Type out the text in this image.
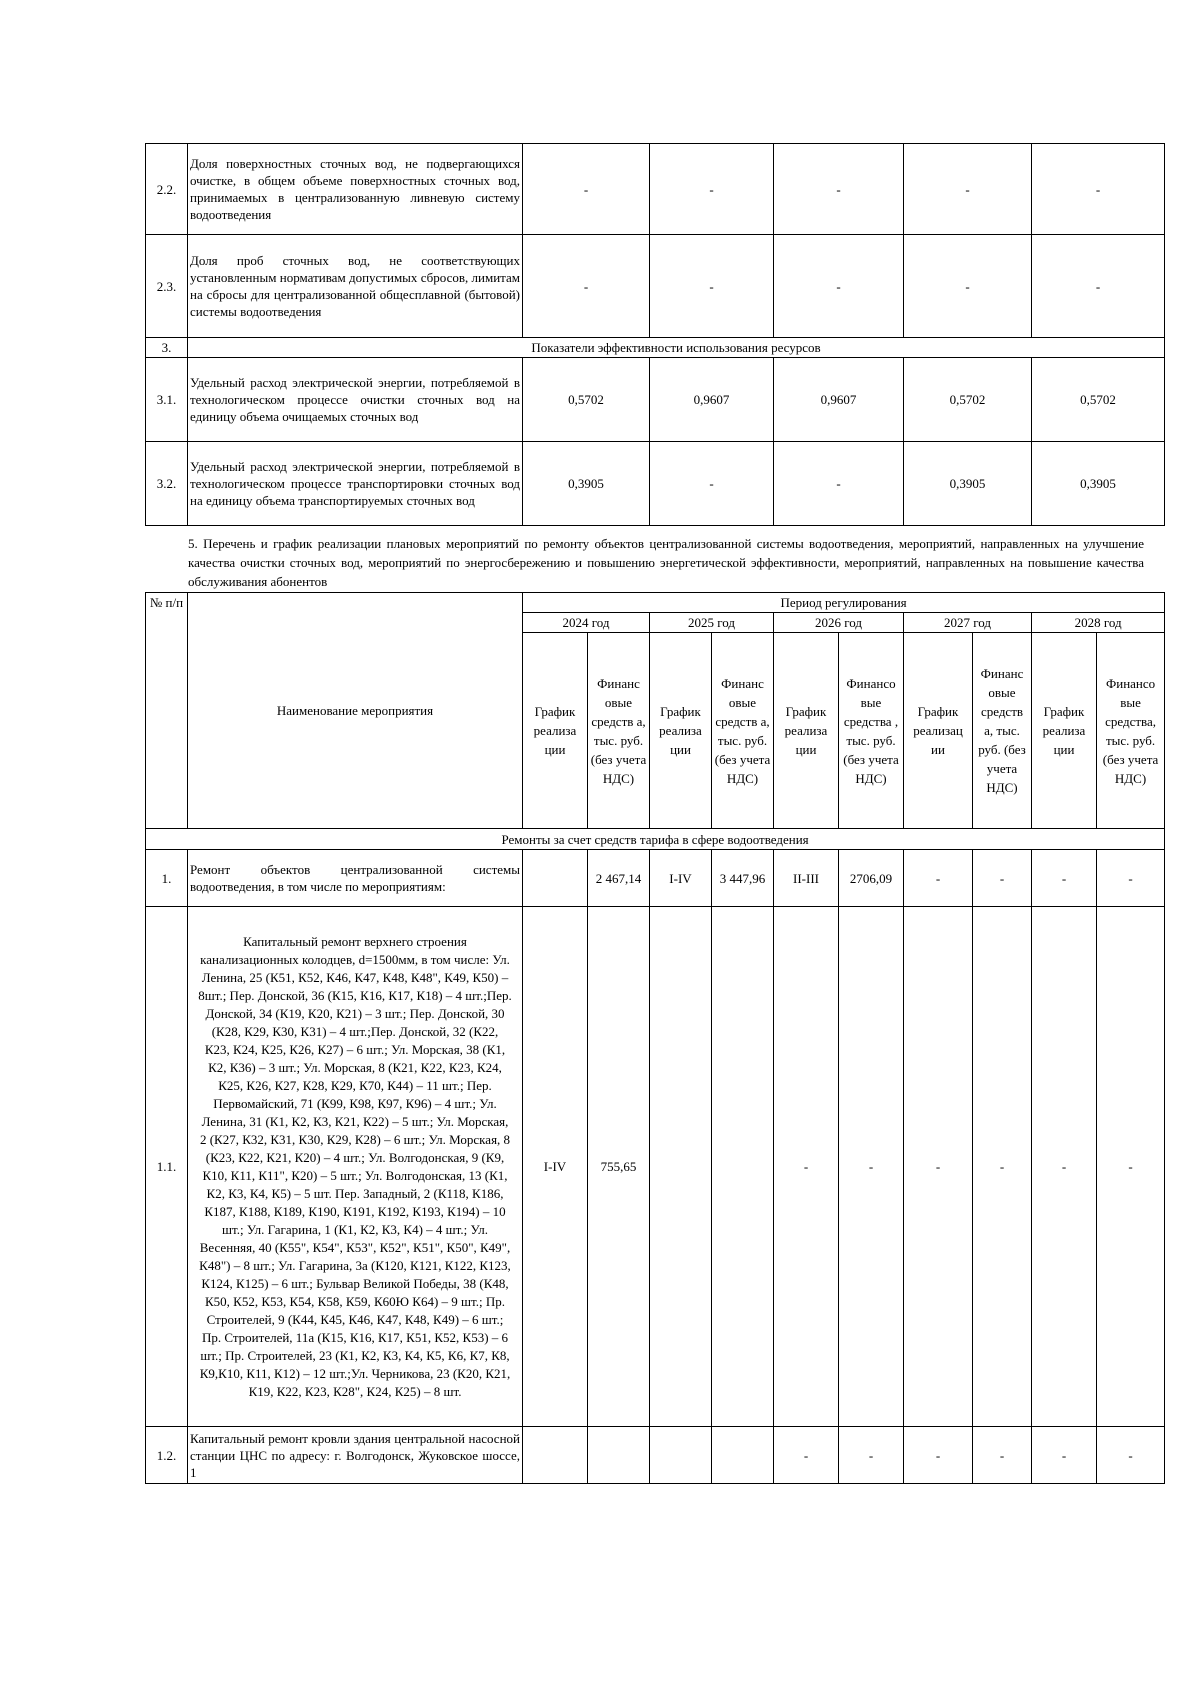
2.2.	Доля поверхностных сточных вод, не подвергающихся очистке, в общем объеме поверхностных сточных вод, принимаемых в централизованную ливневую систему водоотведения	-	-	-	-	-
2.3.	Доля проб сточных вод, не соответствующих установленным нормативам допустимых сбросов, лимитам на сбросы для централизованной общесплавной (бытовой) системы водоотведения	-	-	-	-	-
3.	Показатели эффективности использования ресурсов					
3.1.	Удельный расход электрической энергии, потребляемой в технологическом процессе очистки сточных вод на единицу объема очищаемых сточных вод	0,5702	0,9607	0,9607	0,5702	0,5702
3.2.	Удельный расход электрической энергии, потребляемой в технологическом процессе транспортировки сточных вод на единицу объема транспортируемых сточных вод	0,3905	-	-	0,3905	0,3905
5. Перечень и график реализации плановых мероприятий по ремонту объектов централизованной системы водоотведения, мероприятий, направленных на улучшение качества очистки сточных вод, мероприятий по энергосбережению и повышению энергетической эффективности, мероприятий, направленных на повышение качества обслуживания абонентов
№ п/п	Наименование мероприятия	Период регулирования									
		2024 год		2025 год		2026 год		2027 год		2028 год	
		График реализа ции	Финанс овые средств а, тыс. руб. (без учета НДС)	График реализа ции	Финанс овые средств а, тыс. руб. (без учета НДС)	График реализа ции	Финансо вые средства , тыс. руб. (без учета НДС)	График реализац ии	Финанс овые средств а, тыс. руб. (без учета НДС)	График реализа ции	Финансо вые средства, тыс. руб. (без учета НДС)
Ремонты за счет средств тарифа в сфере водоотведения											
1.	Ремонт объектов централизованной системы водоотведения, в том числе по мероприятиям:		2 467,14	I-IV	3 447,96	II-III	2706,09	-	-	-	-
1.1.	Капитальный ремонт верхнего строения канализационных колодцев, d=1500мм, в том числе: Ул. Ленина, 25 (К51, К52, К46, К47, К48, К48", К49, К50) – 8шт.; Пер. Донской, 36 (К15, К16, К17, К18) – 4 шт.;Пер. Донской, 34 (К19, К20, К21) – 3 шт.; Пер. Донской, 30 (К28, К29, К30, К31) – 4 шт.;Пер. Донской, 32 (К22, К23, К24, К25, К26, К27) – 6 шт.; Ул. Морская, 38 (К1, К2, К36) – 3 шт.; Ул. Морская, 8 (К21, К22, К23, К24, К25, К26, К27, К28, К29, К70, К44) – 11 шт.; Пер. Первомайский, 71 (К99, К98, К97, К96) – 4 шт.; Ул. Ленина, 31 (К1, К2, К3, К21, К22) – 5 шт.; Ул. Морская, 2 (К27, К32, К31, К30, К29, К28) – 6 шт.; Ул. Морская, 8 (К23, К22, К21, К20) – 4 шт.; Ул. Волгодонская, 9 (К9, К10, К11, К11", К20) – 5 шт.; Ул. Волгодонская, 13 (К1, К2, К3, К4, К5) – 5 шт. Пер. Западный, 2 (К118, К186, К187, К188, К189, К190, К191, К192, К193, К194) – 10 шт.; Ул. Гагарина, 1 (К1, К2, К3, К4) – 4 шт.; Ул. Весенняя, 40 (К55", К54", К53", К52", К51", К50", К49", К48") – 8 шт.; Ул. Гагарина, 3а (К120, К121, К122, К123, К124, К125) – 6 шт.; Бульвар Великой Победы, 38 (К48, К50, К52, К53, К54, К58, К59, К60Ю К64) – 9 шт.; Пр. Строителей, 9 (К44, К45, К46, К47, К48, К49) – 6 шт.; Пр. Строителей, 11а (К15, К16, К17, К51, К52, К53) – 6 шт.; Пр. Строителей, 23 (К1, К2, К3, К4, К5, К6, К7, К8, К9,К10, К11, К12) – 12 шт.;Ул. Черникова, 23 (К20, К21, К19, К22, К23, К28", К24, К25) – 8 шт.	I-IV	755,65			-	-	-	-	-	-
1.2.	Капитальный ремонт кровли здания центральной насосной станции ЦНС по адресу: г. Волгодонск, Жуковское шоссе, 1					-	-	-	-	-	-
